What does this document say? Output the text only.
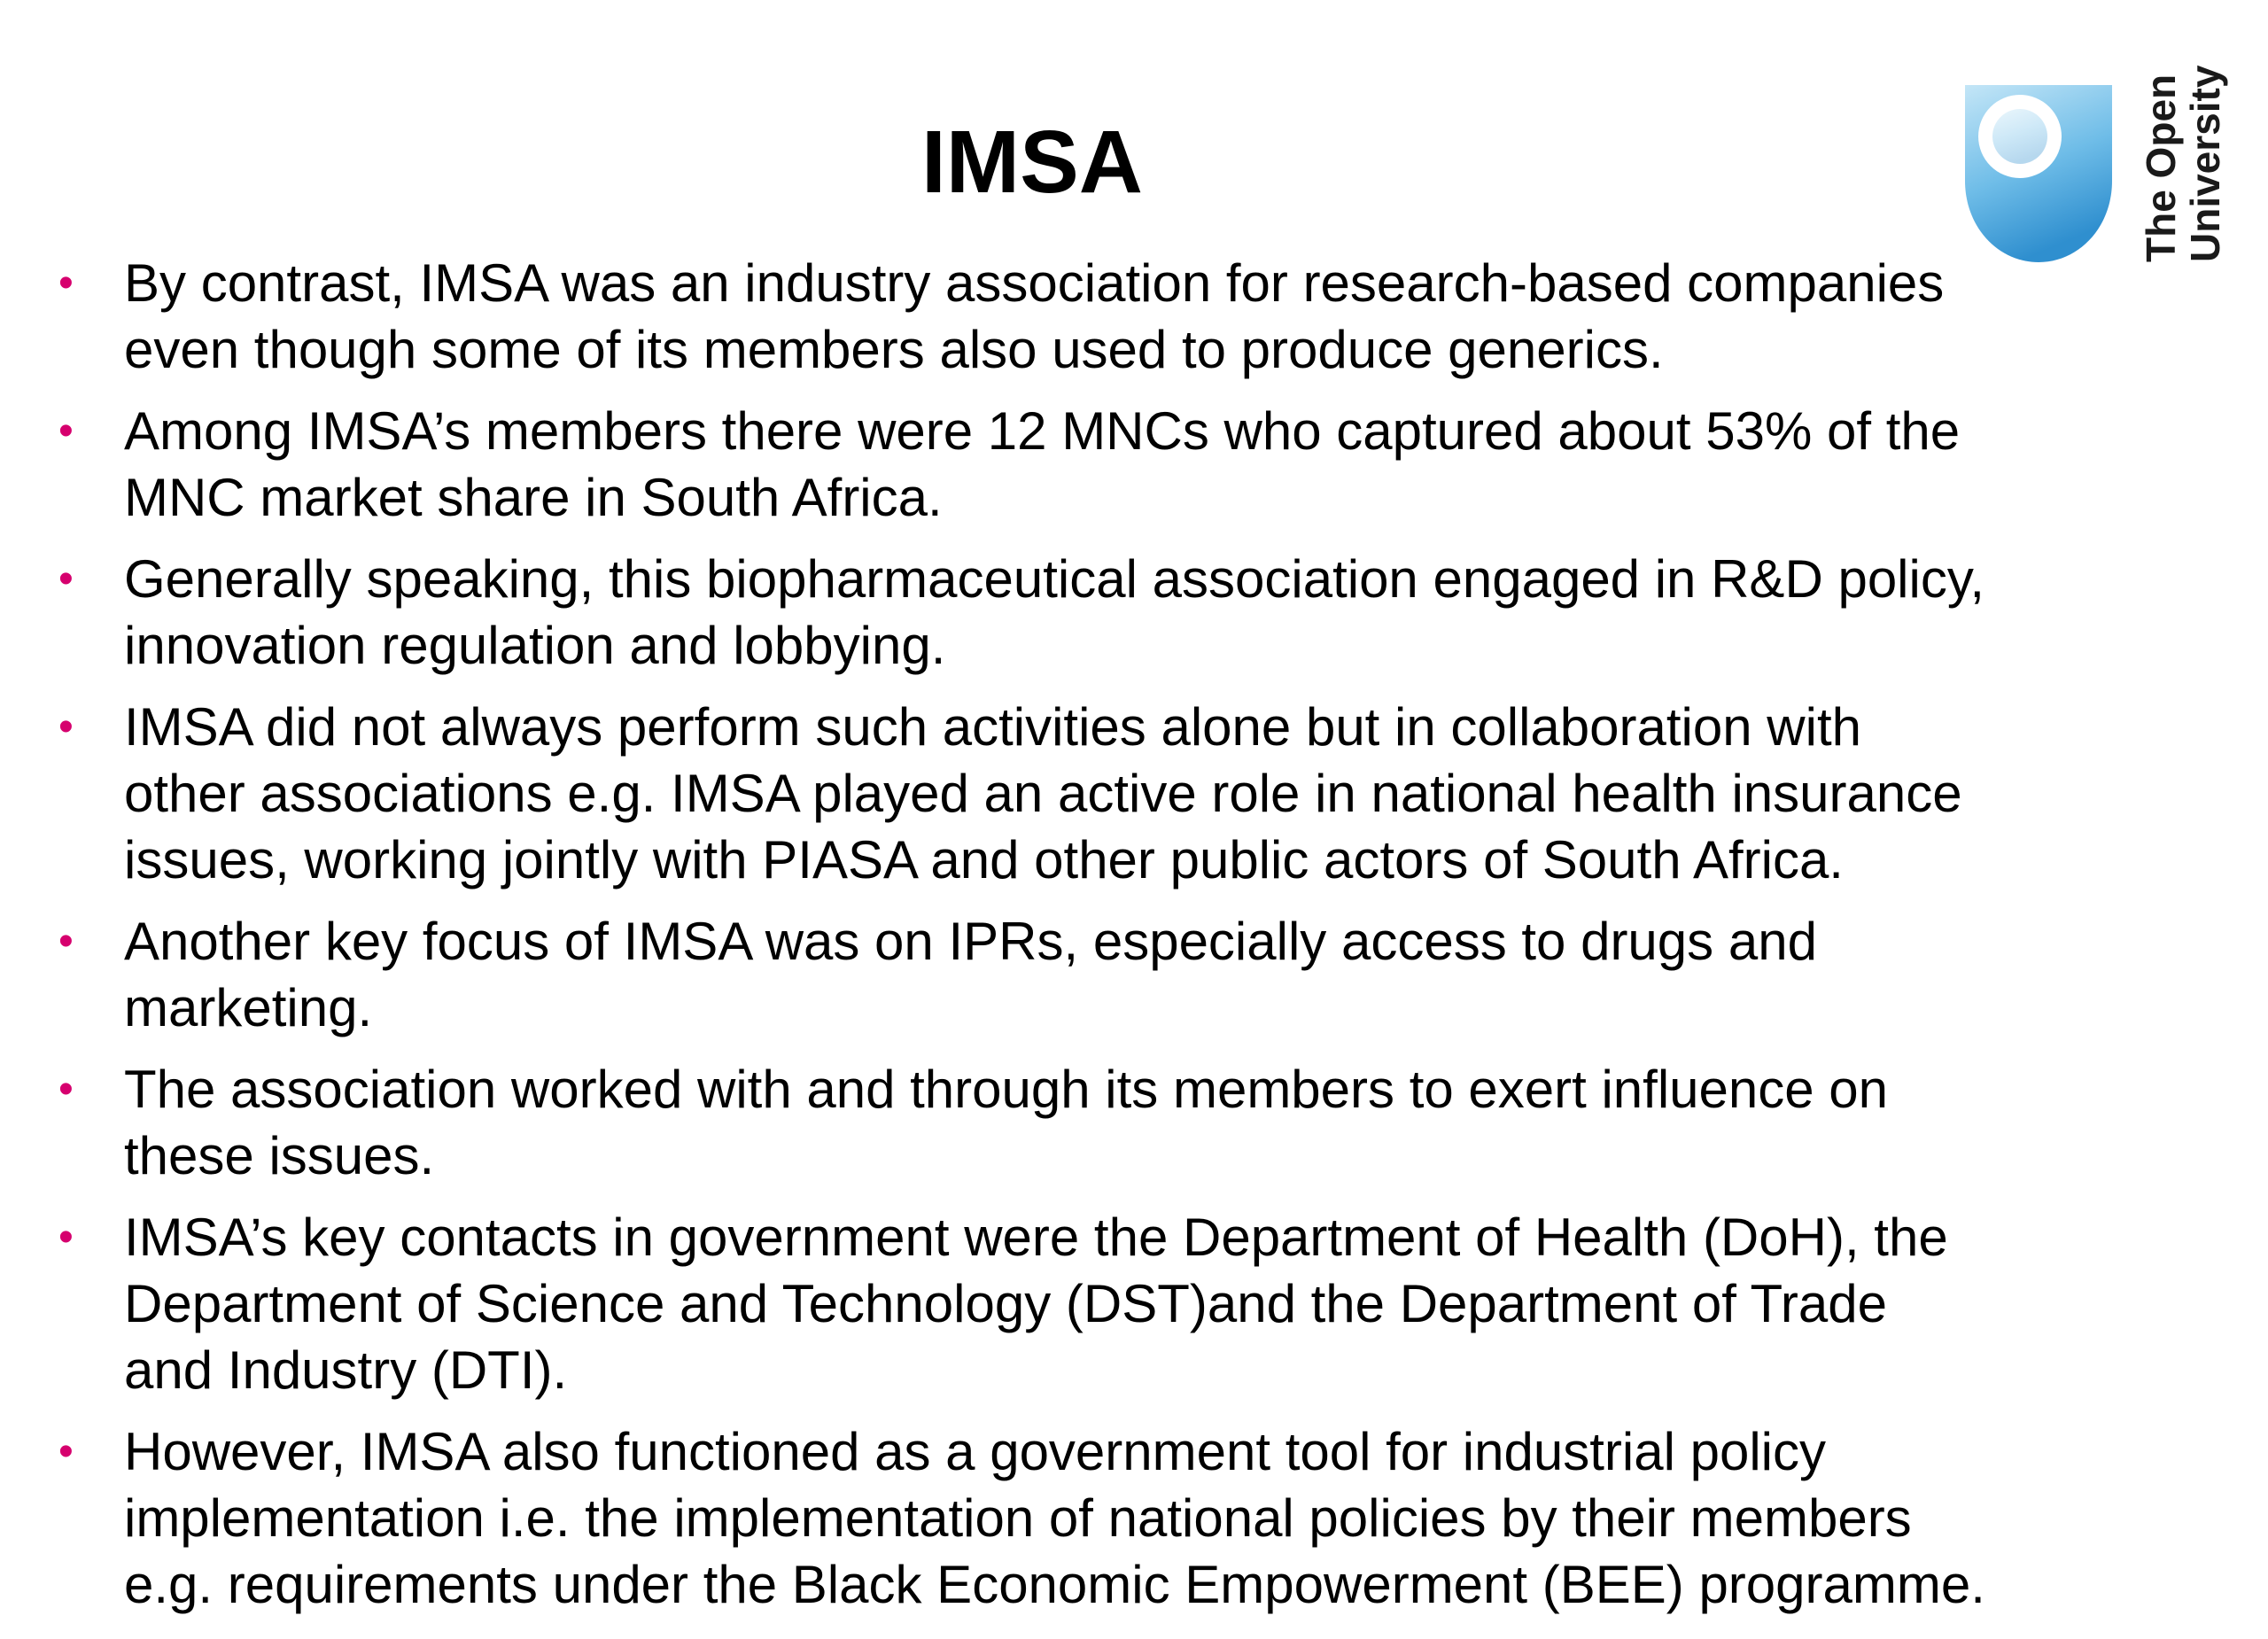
IMSA	The Open
University
• By contrast, IMSA was an industry association for research-based companies
even though some of its members also used to produce generics.
• Among IMSA’s members there were 12 MNCs who captured about 53% of the
MNC market share in South Africa.
• Generally speaking, this biopharmaceutical association engaged in R&D policy,
innovation regulation and lobbying.
• IMSA did not always perform such activities alone but in collaboration with
other associations e.g. IMSA played an active role in national health insurance
issues, working jointly with PIASA and other public actors of South Africa.
• Another key focus of IMSA was on IPRs, especially access to drugs and
marketing.
• The association worked with and through its members to exert influence on
these issues.
• IMSA’s key contacts in government were the Department of Health (DoH), the
Department of Science and Technology (DST)and the Department of Trade
and Industry (DTI).
• However, IMSA also functioned as a government tool for industrial policy
implementation i.e. the implementation of national policies by their members
e.g. requirements under the Black Economic Empowerment (BEE) programme.
